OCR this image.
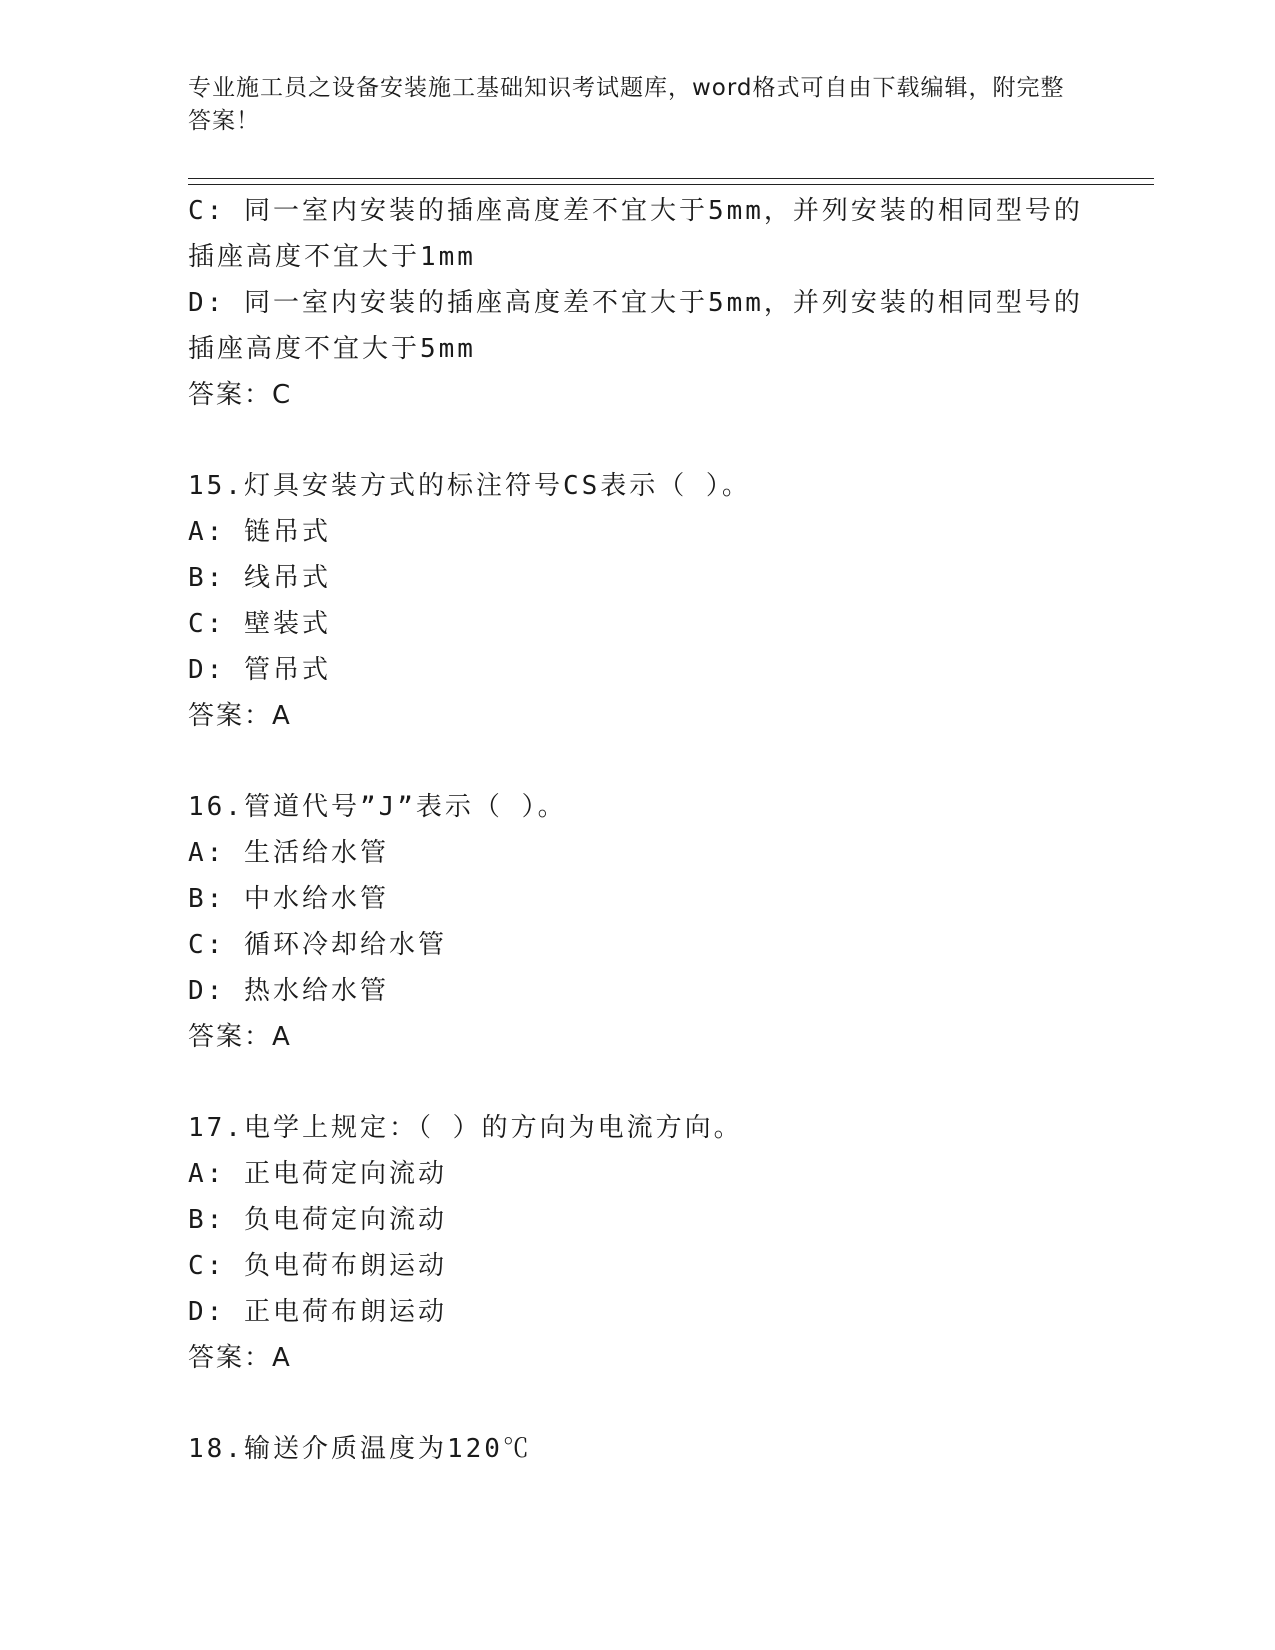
专业施工员之设备安装施工基础知识考试题库，word格式可自由下载编辑，附完整答案！
C: 同一室内安装的插座高度差不宜大于5mm，并列安装的相同型号的插座高度不宜大于1mm
D: 同一室内安装的插座高度差不宜大于5mm，并列安装的相同型号的插座高度不宜大于5mm
答案：C
15.灯具安装方式的标注符号CS表示（ ）。
A: 链吊式
B: 线吊式
C: 壁装式
D: 管吊式
答案：A
16.管道代号”J”表示（ ）。
A: 生活给水管
B: 中水给水管
C: 循环冷却给水管
D: 热水给水管
答案：A
17.电学上规定：（ ）的方向为电流方向。
A: 正电荷定向流动
B: 负电荷定向流动
C: 负电荷布朗运动
D: 正电荷布朗运动
答案：A
18.输送介质温度为120℃
